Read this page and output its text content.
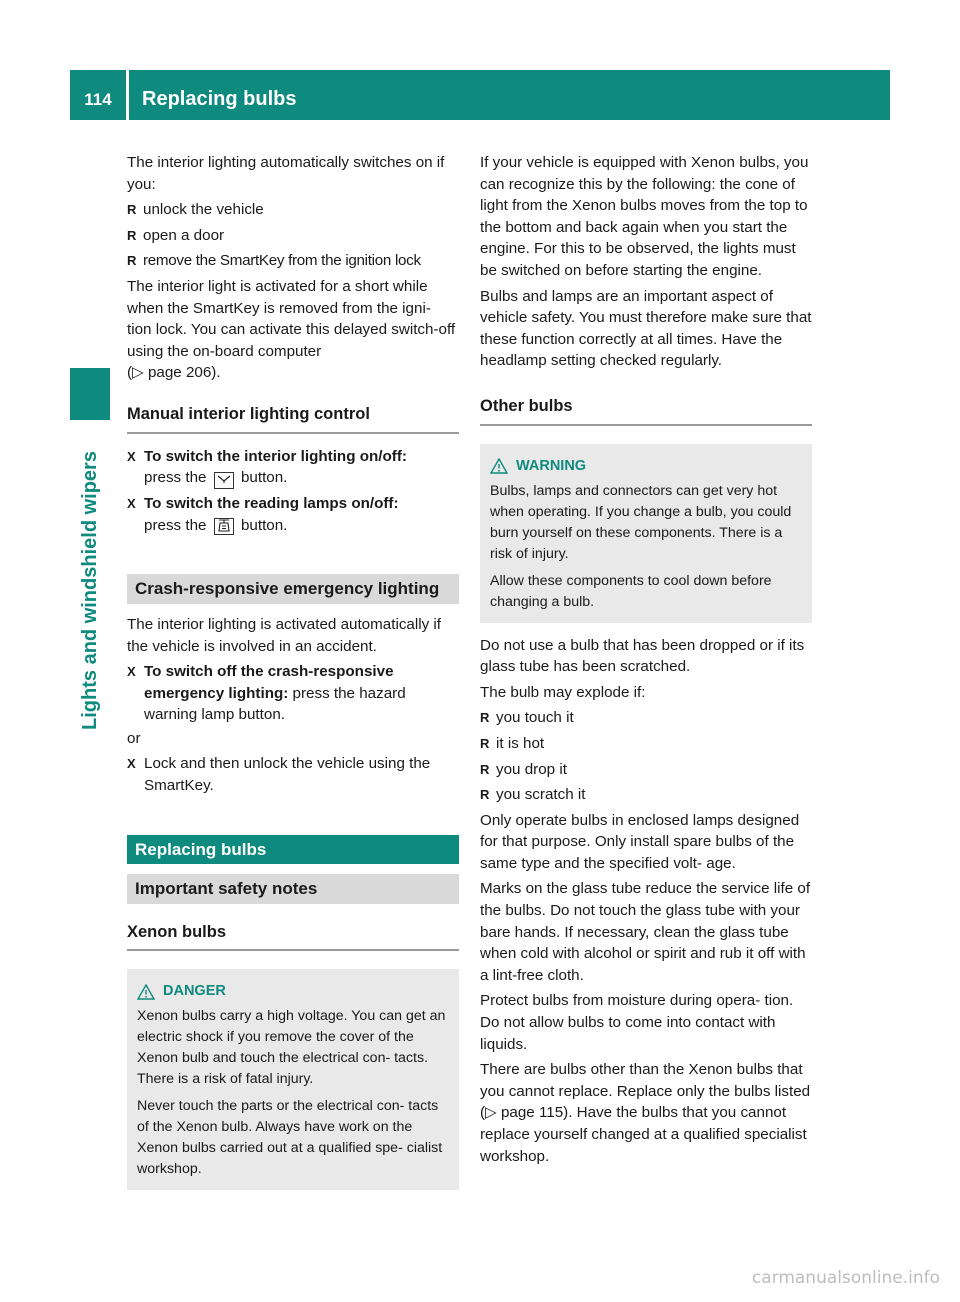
114	Replacing bulbs
Lights and windshield wipers

The interior lighting automatically switches on if you:

R unlock the vehicle
R open a door
R remove the SmartKey from the ignition lock

The interior light is activated for a short while when the SmartKey is removed from the igni- tion lock. You can activate this delayed switch-off using the on-board computer
(▷ page 206).

Manual interior lighting control
X To switch the interior lighting on/off:
press the button.
X To switch the reading lamps on/off:
press the button.
Crash-responsive emergency lighting

The interior lighting is activated automatically if the vehicle is involved in an accident.

X To switch off the crash-responsive emergency lighting: press the hazard warning lamp button.

or

X Lock and then unlock the vehicle using the SmartKey.
Replacing bulbs
Important safety notes
Xenon bulbs
DANGER

Xenon bulbs carry a high voltage. You can get an electric shock if you remove the cover of the Xenon bulb and touch the electrical con- tacts. There is a risk of fatal injury.

Never touch the parts or the electrical con- tacts of the Xenon bulb. Always have work on the Xenon bulbs carried out at a qualified spe- cialist workshop.

If your vehicle is equipped with Xenon bulbs, you can recognize this by the following: the cone of light from the Xenon bulbs moves from the top to the bottom and back again when you start the engine. For this to be observed, the lights must be switched on before starting the engine.

Bulbs and lamps are an important aspect of vehicle safety. You must therefore make sure that these function correctly at all times. Have the headlamp setting checked regularly.

Other bulbs
WARNING

Bulbs, lamps and connectors can get very hot when operating. If you change a bulb, you could burn yourself on these components. There is a risk of injury.

Allow these components to cool down before changing a bulb.

Do not use a bulb that has been dropped or if its glass tube has been scratched.

The bulb may explode if:

R you touch it
R it is hot
R you drop it
R you scratch it

Only operate bulbs in enclosed lamps designed for that purpose. Only install spare bulbs of the same type and the specified volt- age.

Marks on the glass tube reduce the service life of the bulbs. Do not touch the glass tube with your bare hands. If necessary, clean the glass tube when cold with alcohol or spirit and rub it off with a lint-free cloth.

Protect bulbs from moisture during opera- tion. Do not allow bulbs to come into contact with liquids.

There are bulbs other than the Xenon bulbs that you cannot replace. Replace only the bulbs listed (▷ page 115). Have the bulbs that you cannot replace yourself changed at a qualified specialist workshop.

carmanualsonline.info
